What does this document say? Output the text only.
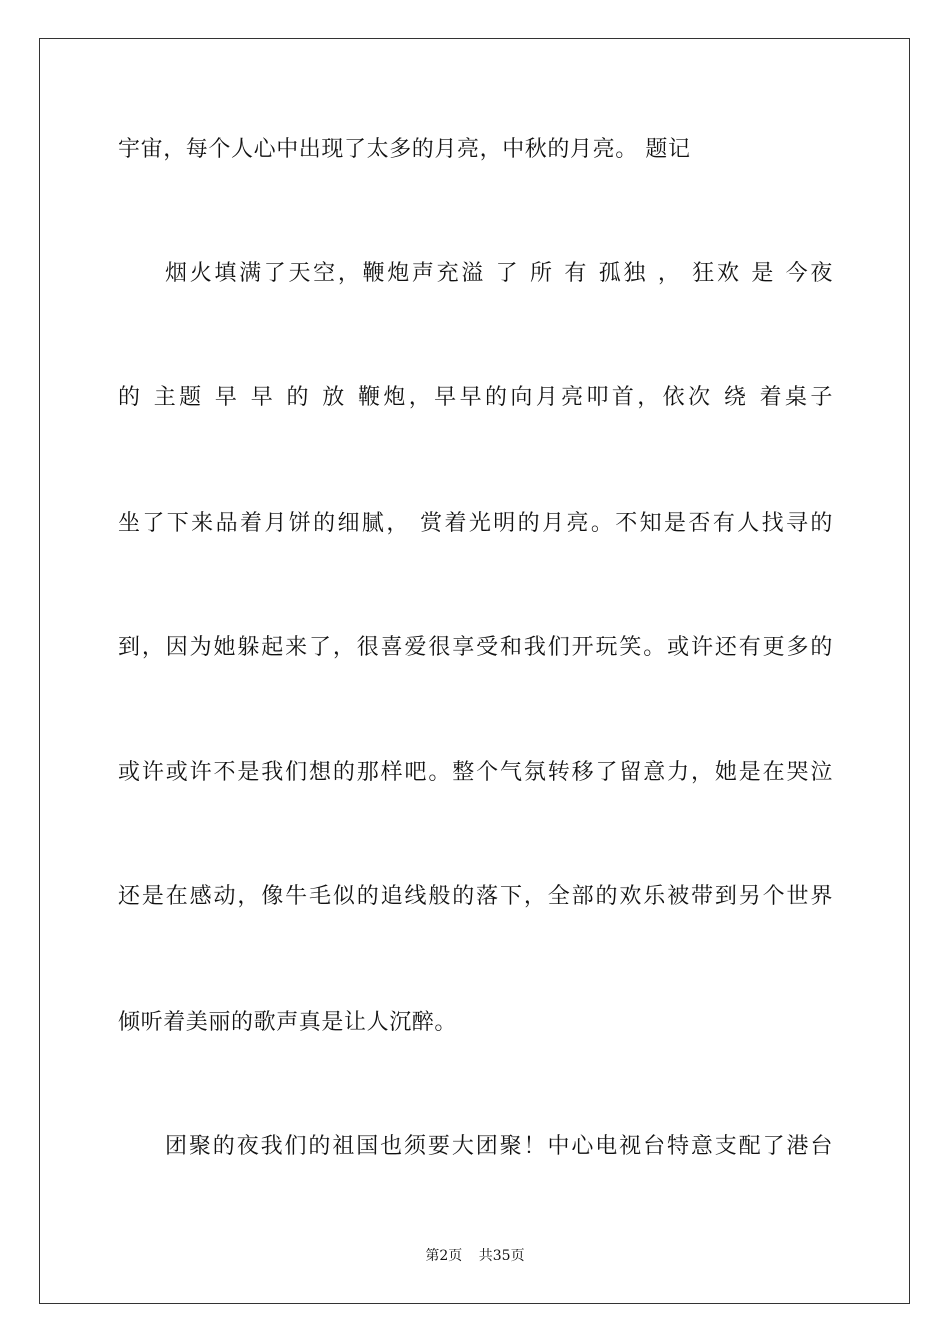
宇宙，每个人心中出现了太多的月亮，中秋的月亮。 题记
烟火填满了天空，鞭炮声充溢 了 所 有 孤独 ， 狂欢 是 今夜
的 主题 早 早 的 放 鞭炮，早早的向月亮叩首，依次 绕 着桌子
坐了下来品着月饼的细腻， 赏着光明的月亮。不知是否有人找寻的
到，因为她躲起来了，很喜爱很享受和我们开玩笑。或许还有更多的
或许或许不是我们想的那样吧。整个气氛转移了留意力，她是在哭泣
还是在感动，像牛毛似的追线般的落下，全部的欢乐被带到另个世界
倾听着美丽的歌声真是让人沉醉。
团聚的夜我们的祖国也须要大团聚！中心电视台特意支配了港台
第2页 共35页
